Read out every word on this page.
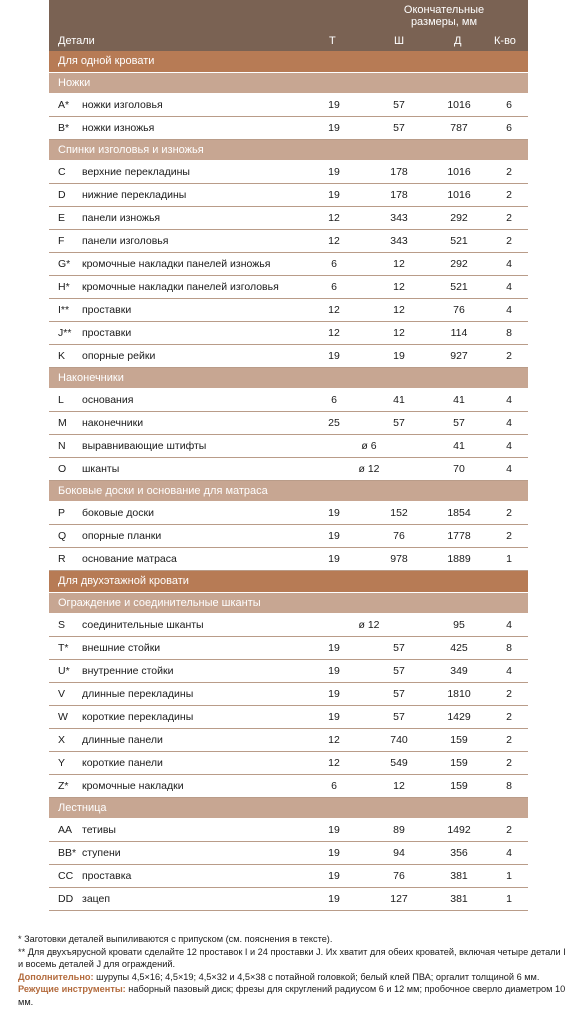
Окончательные
размеры, мм
Детали	Т	Ш	Д	К-во
Для одной кровати
Ножки
A* ножки изголовья	19	57	1016	6
B* ножки изножья	19	57	787	6
Спинки изголовья и изножья
C верхние перекладины	19	178	1016	2
D нижние перекладины	19	178	1016	2
E панели изножья	12	343	292	2
F панели изголовья	12	343	521	2
G* кромочные накладки панелей изножья	6	12	292	4
H* кромочные накладки панелей изголовья	6	12	521	4
I** проставки	12	12	76	4
J** проставки	12	12	114	8
K опорные рейки	19	19	927	2
Наконечники
L основания	6	41	41	4
M наконечники	25	57	57	4
N выравнивающие штифты	ø 6	41	4
O шканты	ø 12	70	4
Боковые доски и основание для матраса
P боковые доски	19	152	1854	2
Q опорные планки	19	76	1778	2
R основание матраса	19	978	1889	1
Для двухэтажной кровати
Ограждение и соединительные шканты
S соединительные шканты	ø 12	95	4
T* внешние стойки	19	57	425	8
U* внутренние стойки	19	57	349	4
V длинные перекладины	19	57	1810	2
W короткие перекладины	19	57	1429	2
X длинные панели	12	740	159	2
Y короткие панели	12	549	159	2
Z* кромочные накладки	6	12	159	8
Лестница
AA тетивы	19	89	1492	2
BB* ступени	19	94	356	4
CC проставка	19	76	381	1
DD зацеп	19	127	381	1

* Заготовки деталей выпиливаются с припуском (см. пояснения в тексте).

** Для двухъярусной кровати сделайте 12 проставок I и 24 проставки J. Их хватит для обеих кроватей, включая четыре детали I и восемь деталей J для ограждений.

Дополнительно: шурупы 4,5×16; 4,5×19; 4,5×32 и 4,5×38 с потайной головкой; белый клей ПВА; оргалит толщиной 6 мм.

Режущие инструменты: наборный пазовый диск; фрезы для скруглений радиусом 6 и 12 мм; пробочное сверло диаметром 10 мм.
